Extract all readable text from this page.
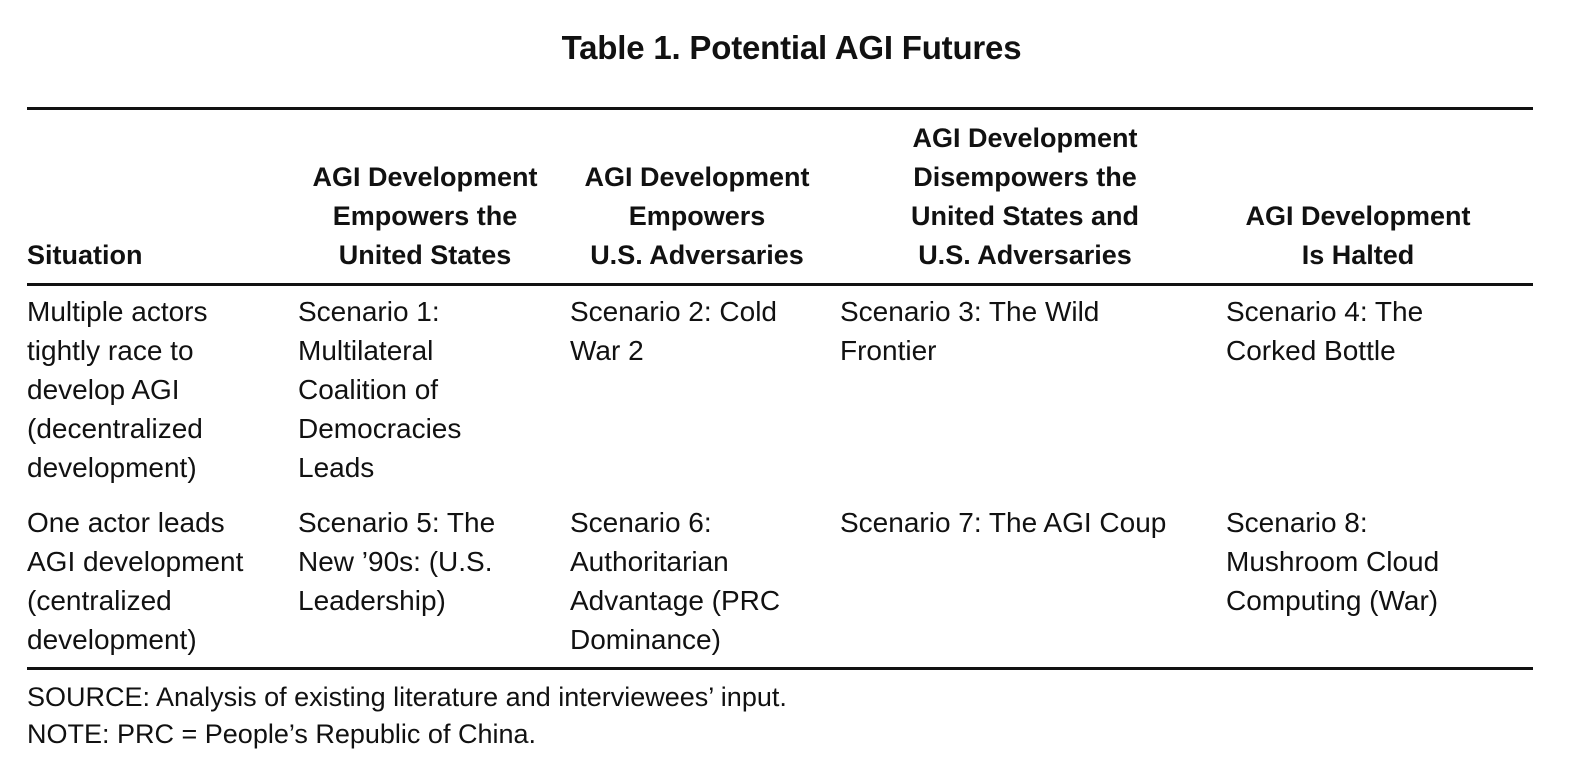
Table 1. Potential AGI Futures
Situation
AGI Development
Empowers the
United States
AGI Development
Empowers
U.S. Adversaries
AGI Development
Disempowers the
United States and
U.S. Adversaries
AGI Development
Is Halted
Multiple actors
tightly race to
develop AGI
(decentralized
development)
Scenario 1:
Multilateral
Coalition of
Democracies
Leads
Scenario 2: Cold
War 2
Scenario 3: The Wild
Frontier
Scenario 4: The
Corked Bottle
One actor leads
AGI development
(centralized
development)
Scenario 5: The
New ’90s: (U.S.
Leadership)
Scenario 6:
Authoritarian
Advantage (PRC
Dominance)
Scenario 7: The AGI Coup	Scenario 8:
Mushroom Cloud
Computing (War)
SOURCE: Analysis of existing literature and interviewees’ input.
NOTE: PRC = People’s Republic of China.
